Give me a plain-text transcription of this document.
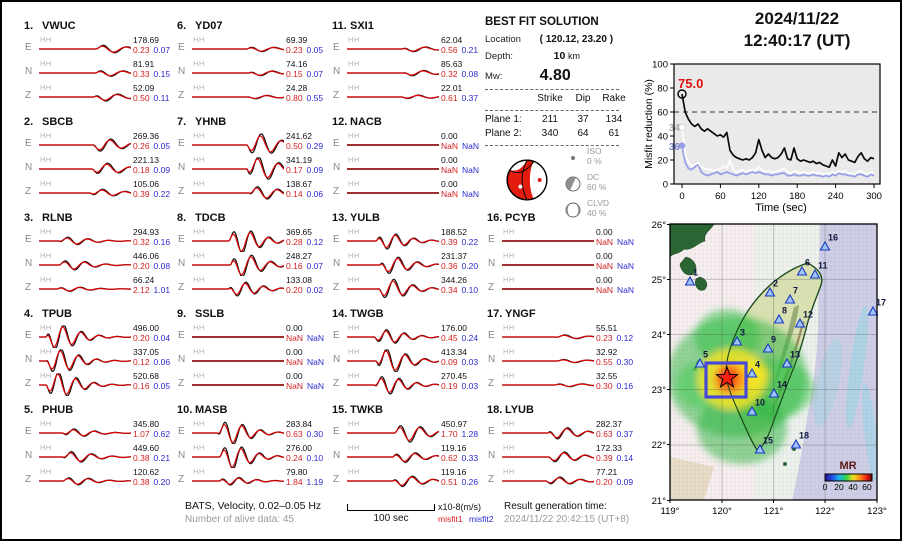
1. VWUC
E
HH	178.69
0.23 0.07
N
HH	81.91
0.33 0.15
Z
HH	52.09
0.50 0.11
2. SBCB
E
HH	269.36
0.26 0.05
N
HH	221.13
0.18 0.09
Z
HH	105.06
0.39 0.22
3. RLNB
E
HH	294.93
0.32 0.16
N
HH	446.06
0.20 0.08
Z
HH	66.24
2.12 1.01
4. TPUB
E
HH	496.00
0.20 0.04
N
HH	337.05
0.12 0.06
Z
HH	520.68
0.16 0.05
5. PHUB
E
HH	345.80
1.07 0.62
N
HH	449.60
0.38 0.21
Z
HH	120.62
0.38 0.20
6. YD07
E
HH	69.39
0.23 0.05
N
HH	74.16
0.15 0.07
Z
HH	24.28
0.80 0.55
7. YHNB
E
HH	241.62
0.50 0.29
N
HH	341.19
0.17 0.09
Z
HH	138.67
0.14 0.06
8. TDCB
E
HH	369.65
0.28 0.12
N
HH	248.27
0.16 0.07
Z
HH	133.08
0.20 0.02
9. SSLB
E
HH	0.00
NaN NaN
N
HH	0.00
NaN NaN
Z
HH	0.00
NaN NaN
10. MASB
E
HH	283.84
0.63 0.30
N
HH	276.00
0.24 0.10
Z
HH	79.80
1.84 1.19
11. SXI1
E
HH	62.04
0.56 0.21
N
HH	85.63
0.32 0.08
Z
HH	22.01
0.61 0.37
12. NACB
E
HH	0.00
NaN NaN
N
HH	0.00
NaN NaN
Z
HH	0.00
NaN NaN
13. YULB
E
HH	188.52
0.39 0.22
N
HH	231.37
0.36 0.20
Z
HH	344.26
0.34 0.10
14. TWGB
E
HH	176.00
0.45 0.24
N
HH	413.34
0.09 0.03
Z
HH	270.45
0.19 0.03
15. TWKB
E
HH	450.97
1.70 1.28
N
HH	119.16
0.62 0.33
Z
HH	119.16
0.51 0.26
16. PCYB
E
HH	0.00
NaN NaN
N
HH	0.00
NaN NaN
Z
HH	0.00
NaN NaN
17. YNGF
E
HH	55.51
0.23 0.12
N
HH	32.92
0.55 0.30
Z
HH	32.55
0.30 0.16
18. LYUB
E
HH	282.37
0.63 0.37
N
HH	172.33
0.39 0.14
Z
HH	77.21
0.20 0.09
BEST FIT SOLUTION
Location ( 120.12, 23.20 )
Depth:	10 km
Mw: 4.80
Strike	Dip	Rake
Plane 1:	211	37	134
Plane 2:	340	64	61
ISO
0 %
DC
60 %
CLVD
40 %
2024/11/22
12:40:17 (UT)
0
20
40
60
80
100
0	60	120 180 240 300
75.0
34
36
Time (sec)
Misfit reduction (%)
1
2
3
4
5
6
7
8
9
10
11
12
13
14
15
16
17
18
26°
25°
24°
23°
22°
21°
119°	120°	121°	122°	123°
MR
0 20 40 60
BATS, Velocity, 0.02–0.05 Hz
Number of alive data: 45	100 sec
x10-8(m/s)
misfit1 misfit2
Result generation time:
2024/11/22 20:42:15 (UT+8)
